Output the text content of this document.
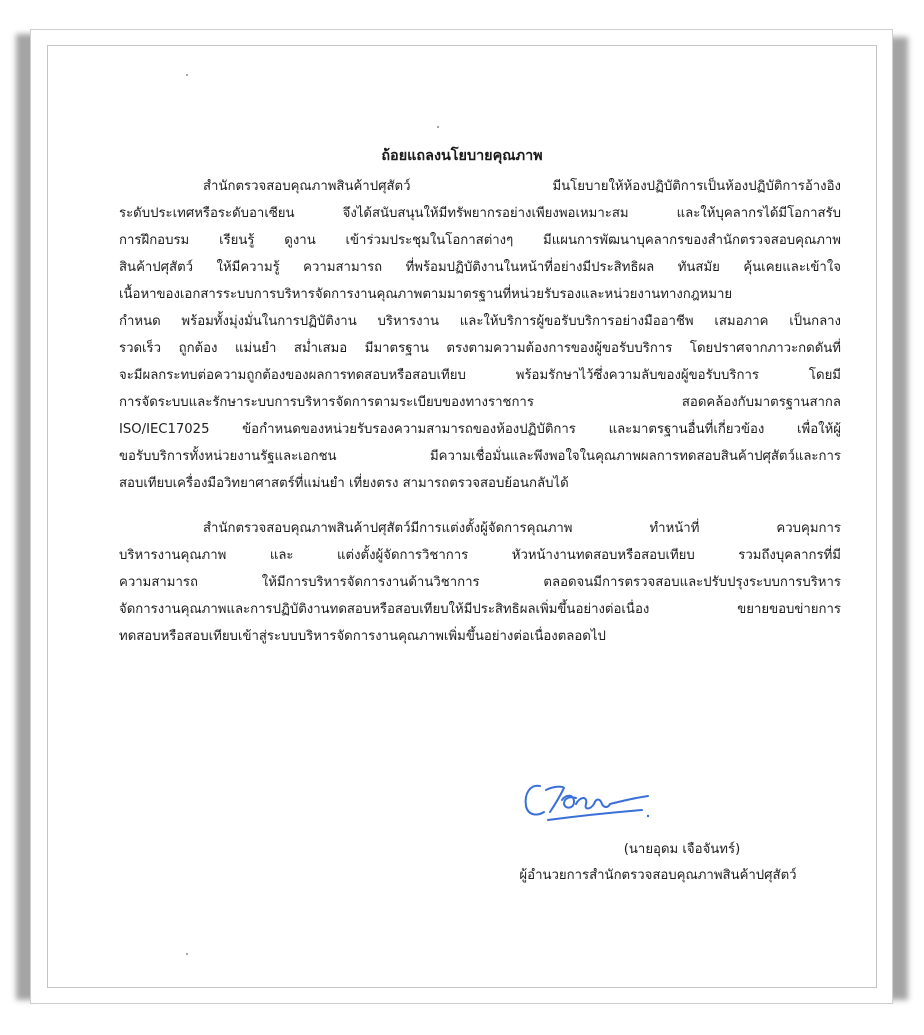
ถ้อยแถลงนโยบายคุณภาพ
สำนักตรวจสอบคุณภาพสินค้าปศุสัตว์ มีนโยบายให้ห้องปฏิบัติการเป็นห้องปฏิบัติการอ้างอิง
ระดับประเทศหรือระดับอาเซียน จึงได้สนับสนุนให้มีทรัพยากรอย่างเพียงพอเหมาะสม และให้บุคลากรได้มีโอกาสรับ
การฝึกอบรม เรียนรู้ ดูงาน เข้าร่วมประชุมในโอกาสต่างๆ มีแผนการพัฒนาบุคลากรของสำนักตรวจสอบคุณภาพ
สินค้าปศุสัตว์ ให้มีความรู้ ความสามารถ ที่พร้อมปฏิบัติงานในหน้าที่อย่างมีประสิทธิผล ทันสมัย คุ้นเคยและเข้าใจ
เนื้อหาของเอกสารระบบการบริหารจัดการงานคุณภาพตามมาตรฐานที่หน่วยรับรองและหน่วยงานทางกฎหมาย
กำหนด พร้อมทั้งมุ่งมั่นในการปฏิบัติงาน บริหารงาน และให้บริการผู้ขอรับบริการอย่างมืออาชีพ เสมอภาค เป็นกลาง
รวดเร็ว ถูกต้อง แม่นยำ สม่ำเสมอ มีมาตรฐาน ตรงตามความต้องการของผู้ขอรับบริการ โดยปราศจากภาวะกดดันที่
จะมีผลกระทบต่อความถูกต้องของผลการทดสอบหรือสอบเทียบ พร้อมรักษาไว้ซึ่งความลับของผู้ขอรับบริการ โดยมี
การจัดระบบและรักษาระบบการบริหารจัดการตามระเบียบของทางราชการ สอดคล้องกับมาตรฐานสากล
ISO/IEC17025 ข้อกำหนดของหน่วยรับรองความสามารถของห้องปฏิบัติการ และมาตรฐานอื่นที่เกี่ยวข้อง เพื่อให้ผู้
ขอรับบริการทั้งหน่วยงานรัฐและเอกชน มีความเชื่อมั่นและพึงพอใจในคุณภาพผลการทดสอบสินค้าปศุสัตว์และการ
สอบเทียบเครื่องมือวิทยาศาสตร์ที่แม่นยำ เที่ยงตรง สามารถตรวจสอบย้อนกลับได้
สำนักตรวจสอบคุณภาพสินค้าปศุสัตว์มีการแต่งตั้งผู้จัดการคุณภาพ ทำหน้าที่ ควบคุมการ
บริหารงานคุณภาพ และ แต่งตั้งผู้จัดการวิชาการ หัวหน้างานทดสอบหรือสอบเทียบ รวมถึงบุคลากรที่มี
ความสามารถ ให้มีการบริหารจัดการงานด้านวิชาการ ตลอดจนมีการตรวจสอบและปรับปรุงระบบการบริหาร
จัดการงานคุณภาพและการปฏิบัติงานทดสอบหรือสอบเทียบให้มีประสิทธิผลเพิ่มขึ้นอย่างต่อเนื่อง ขยายขอบข่ายการ
ทดสอบหรือสอบเทียบเข้าสู่ระบบบริหารจัดการงานคุณภาพเพิ่มขึ้นอย่างต่อเนื่องตลอดไป
(นายอุดม เจือจันทร์)
ผู้อำนวยการสำนักตรวจสอบคุณภาพสินค้าปศุสัตว์
